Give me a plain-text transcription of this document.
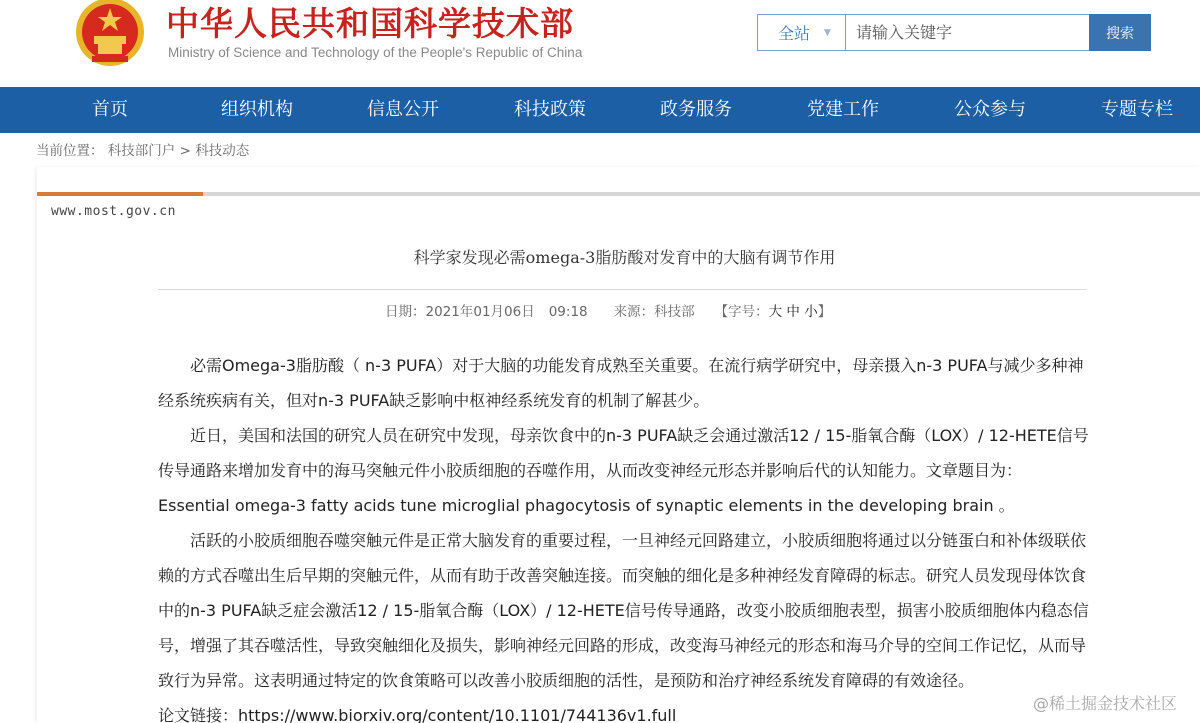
中华人民共和国科学技术部
Ministry of Science and Technology of the People's Republic of China
全站 ▼
请输入关键字	搜索
首页	组织机构	信息公开	科技政策	政务服务	党建工作	公众参与	专题专栏
当前位置： 科技部门户 > 科技动态
www.most.gov.cn
科学家发现必需omega-3脂肪酸对发育中的大脑有调节作用
日期：2021年01月06日 09:18 来源：科技部 【字号：大 中 小】

必需Omega-3脂肪酸（ n-3 PUFA）对于大脑的功能发育成熟至关重要。在流行病学研究中，母亲摄入n-3 PUFA与减少多种神经系统疾病有关，但对n-3 PUFA缺乏影响中枢神经系统发育的机制了解甚少。

近日，美国和法国的研究人员在研究中发现，母亲饮食中的n-3 PUFA缺乏会通过激活12 / 15-脂氧合酶（LOX）/ 12-HETE信号传导通路来增加发育中的海马突触元件小胶质细胞的吞噬作用，从而改变神经元形态并影响后代的认知能力。文章题目为：Essential omega-3 fatty acids tune microglial phagocytosis of synaptic elements in the developing brain 。

活跃的小胶质细胞吞噬突触元件是正常大脑发育的重要过程，一旦神经元回路建立，小胶质细胞将通过以分链蛋白和补体级联依赖的方式吞噬出生后早期的突触元件，从而有助于改善突触连接。而突触的细化是多种神经发育障碍的标志。研究人员发现母体饮食中的n-3 PUFA缺乏症会激活12 / 15-脂氧合酶（LOX）/ 12-HETE信号传导通路，改变小胶质细胞表型，损害小胶质细胞体内稳态信号，增强了其吞噬活性，导致突触细化及损失，影响神经元回路的形成，改变海马神经元的形态和海马介导的空间工作记忆，从而导致行为异常。这表明通过特定的饮食策略可以改善小胶质细胞的活性，是预防和治疗神经系统发育障碍的有效途径。

论文链接：https://www.biorxiv.org/content/10.1101/744136v1.full

@稀土掘金技术社区
